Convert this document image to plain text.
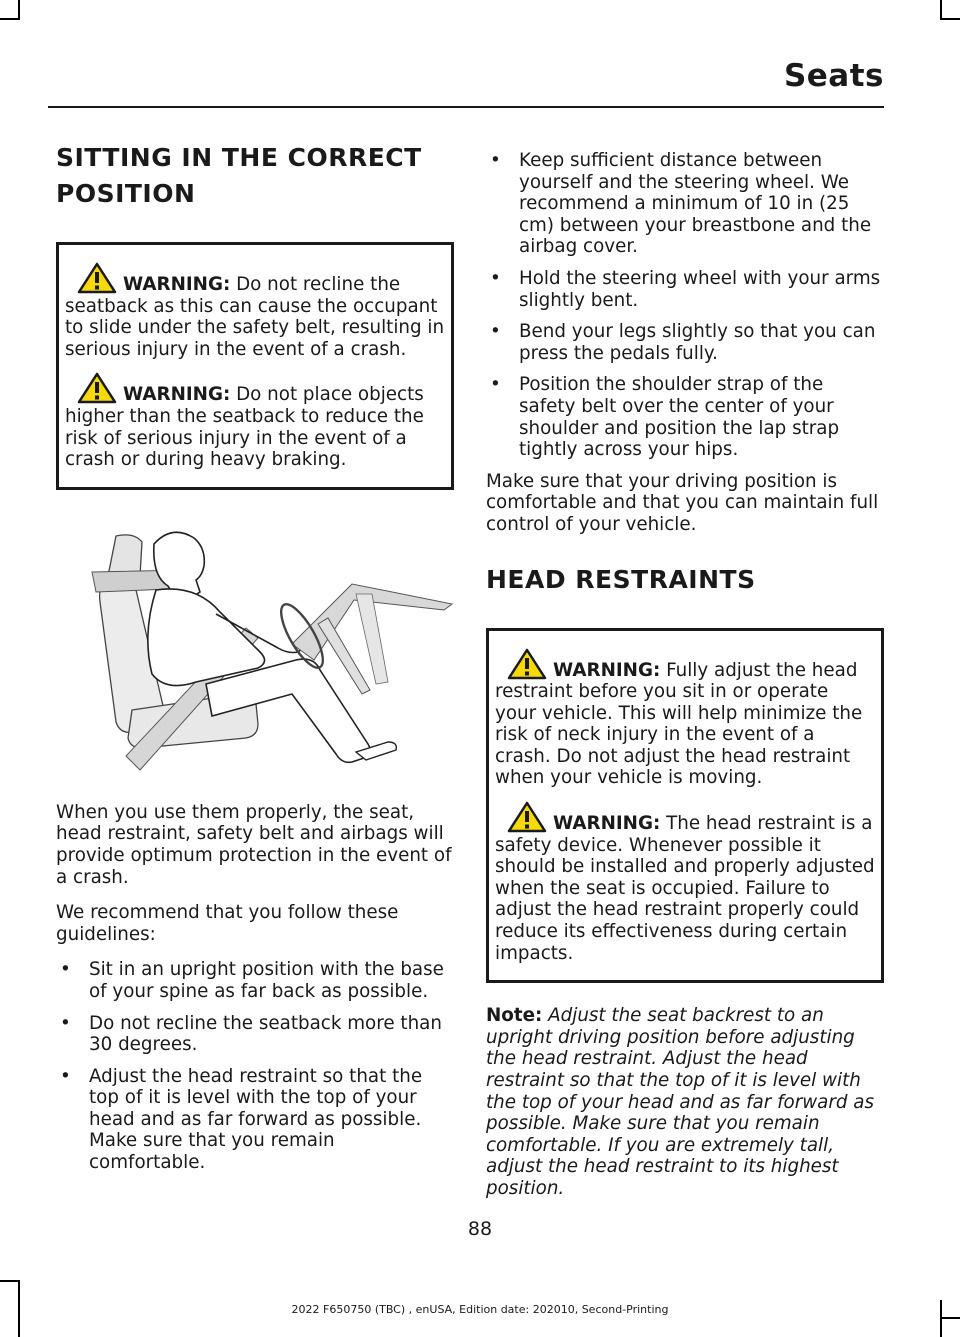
Seats
SITTING IN THE CORRECT POSITION

WARNING: Do not recline the seatback as this can cause the occupant to slide under the safety belt, resulting in serious injury in the event of a crash.

WARNING: Do not place objects higher than the seatback to reduce the risk of serious injury in the event of a crash or during heavy braking.

When you use them properly, the seat, head restraint, safety belt and airbags will provide optimum protection in the event of a crash.

We recommend that you follow these guidelines:

• Sit in an upright position with the base of your spine as far back as possible.
• Do not recline the seatback more than 30 degrees.
• Adjust the head restraint so that the top of it is level with the top of your head and as far forward as possible. Make sure that you remain comfortable.
• Keep sufficient distance between yourself and the steering wheel. We recommend a minimum of 10 in (25 cm) between your breastbone and the airbag cover.
• Hold the steering wheel with your arms slightly bent.
• Bend your legs slightly so that you can press the pedals fully.
• Position the shoulder strap of the safety belt over the center of your shoulder and position the lap strap tightly across your hips.

Make sure that your driving position is comfortable and that you can maintain full control of your vehicle.

HEAD RESTRAINTS

WARNING: Fully adjust the head restraint before you sit in or operate your vehicle. This will help minimize the risk of neck injury in the event of a crash. Do not adjust the head restraint when your vehicle is moving.

WARNING: The head restraint is a safety device. Whenever possible it should be installed and properly adjusted when the seat is occupied. Failure to adjust the head restraint properly could reduce its effectiveness during certain impacts.

Note: Adjust the seat backrest to an upright driving position before adjusting the head restraint. Adjust the head restraint so that the top of it is level with the top of your head and as far forward as possible. Make sure that you remain comfortable. If you are extremely tall, adjust the head restraint to its highest position.

88
2022 F650750 (TBC) , enUSA, Edition date: 202010, Second-Printing
